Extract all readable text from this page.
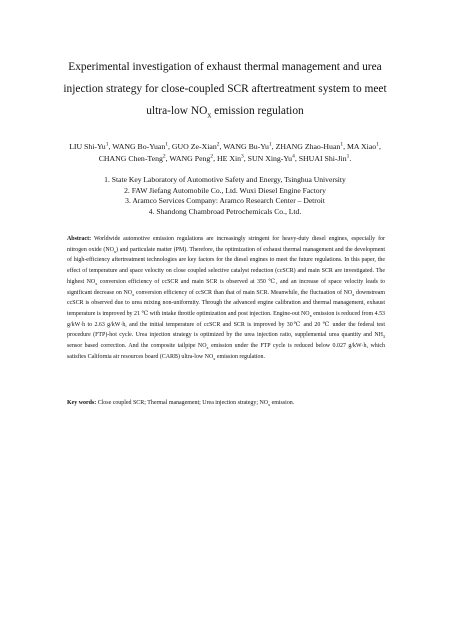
Experimental investigation of exhaust thermal management and urea injection strategy for close-coupled SCR aftertreatment system to meet ultra-low $NO_x$ emission regulation
LIU Shi-Yu$^1$, WANG Bo-Yuan$^1$, GUO Ze-Xian$^2$, WANG Bu-Yu$^1$, ZHANG Zhao-Huan$^1$, MA Xiao$^1$, CHANG Chen-Teng$^2$, WANG Peng$^2$, HE Xin$^3$, SUN Xing-Yu$^4$, SHUAI Shi-Jin$^1$.
1. State Key Laboratory of Automotive Safety and Energy, Tsinghua University
2. FAW Jiefang Automobile Co., Ltd. Wuxi Diesel Engine Factory
3. Aramco Services Company: Aramco Research Center – Detroit
4. Shandong Chambroad Petrochemicals Co., Ltd.
Abstract: Worldwide automotive emission regulations are increasingly stringent for heavy-duty diesel engines, especially for nitrogen oxide $(NO_x)$ and particulate matter (PM). Therefore, the optimization of exhaust thermal management and the development of high-efficiency aftertreatment technologies are key factors for the diesel engines to meet the future regulations. In this paper, the effect of temperature and space velocity on close coupled selective catalyst reduction (ccSCR) and main SCR are investigated. The highest $NO_x$ conversion efficiency of ccSCR and main SCR is observed at 350 ℃, and an increase of space velocity leads to significant decrease on $NO_x$ conversion efficiency of ccSCR than that of main SCR. Meanwhile, the fluctuation of $NO_x$ downstream ccSCR is observed due to urea mixing non-uniformity. Through the advanced engine calibration and thermal management, exhaust temperature is improved by 21 ℃ with intake throttle optimization and post injection. Engine-out $NO_x$ emission is reduced from 4.53 g/kW·h to 2.63 g/kW·h, and the initial temperature of ccSCR and SCR is improved by 30℃ and 20 ℃ under the federal test procedure (FTP)-hot cycle. Urea injection strategy is optimized by the urea injection ratio, supplemental urea quantity and $NH_3$ sensor based correction. And the composite tailpipe $NO_x$ emission under the FTP cycle is reduced below 0.027 g/kW·h, which satisfies California air resources board (CARB) ultra-low $NO_x$ emission regulation.
Key words: Close coupled SCR; Thermal management; Urea injection strategy; $NO_x$ emission.
